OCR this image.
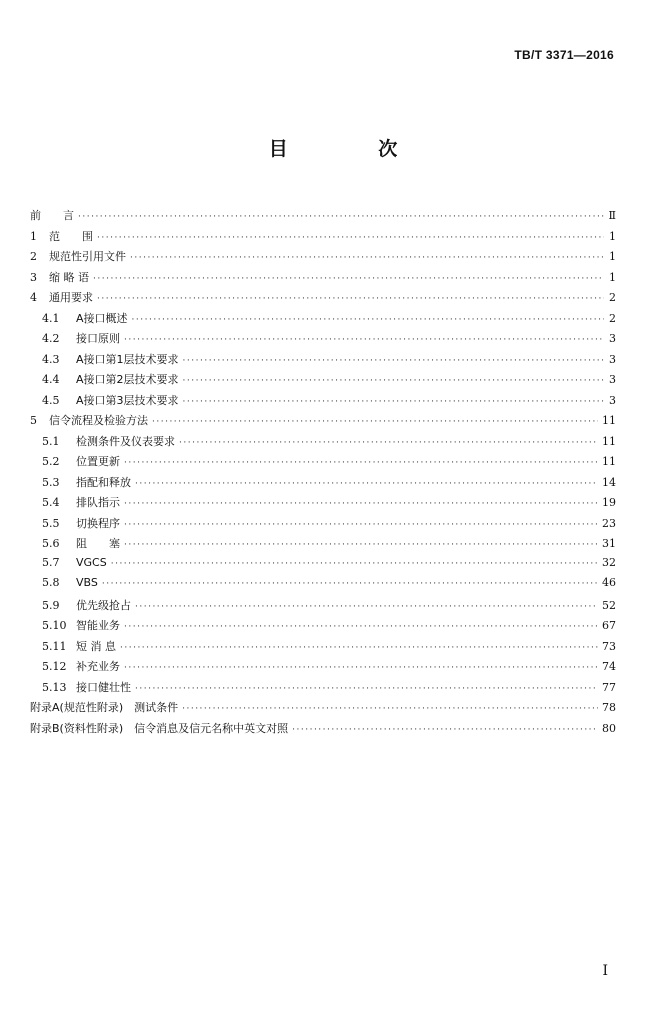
TB/T 3371—2016
目 次
前　　言 ·····	Ⅱ
1	范　　围 ·····	1
2	规范性引用文件 ·····	1
3	缩 略 语 ·····	1
4	通用要求 ·····	2
4.1	A接口概述 ·····	2
4.2	接口原则 ·····	3
4.3	A接口第1层技术要求 ·····	3
4.4	A接口第2层技术要求 ·····	3
4.5	A接口第3层技术要求 ·····	3
5	信令流程及检验方法 ·····	11
5.1	检测条件及仪表要求 ·····	11
5.2	位置更新 ·····	11
5.3	指配和释放 ·····	14
5.4	排队指示 ·····	19
5.5	切换程序 ·····	23
5.6	阻　　塞 ·····	31
5.7	VGCS ·····	32
5.8	VBS ·····	46
5.9	优先级抢占 ·····	52
5.10 智能业务 ·····	67
5.11 短 消 息 ·····	73
5.12 补充业务 ·····	74
5.13 接口健壮性 ·····	77
附录A(规范性附录)　测试条件 ·····	78
附录B(资料性附录)　信令消息及信元名称中英文对照 ·····	80
I
